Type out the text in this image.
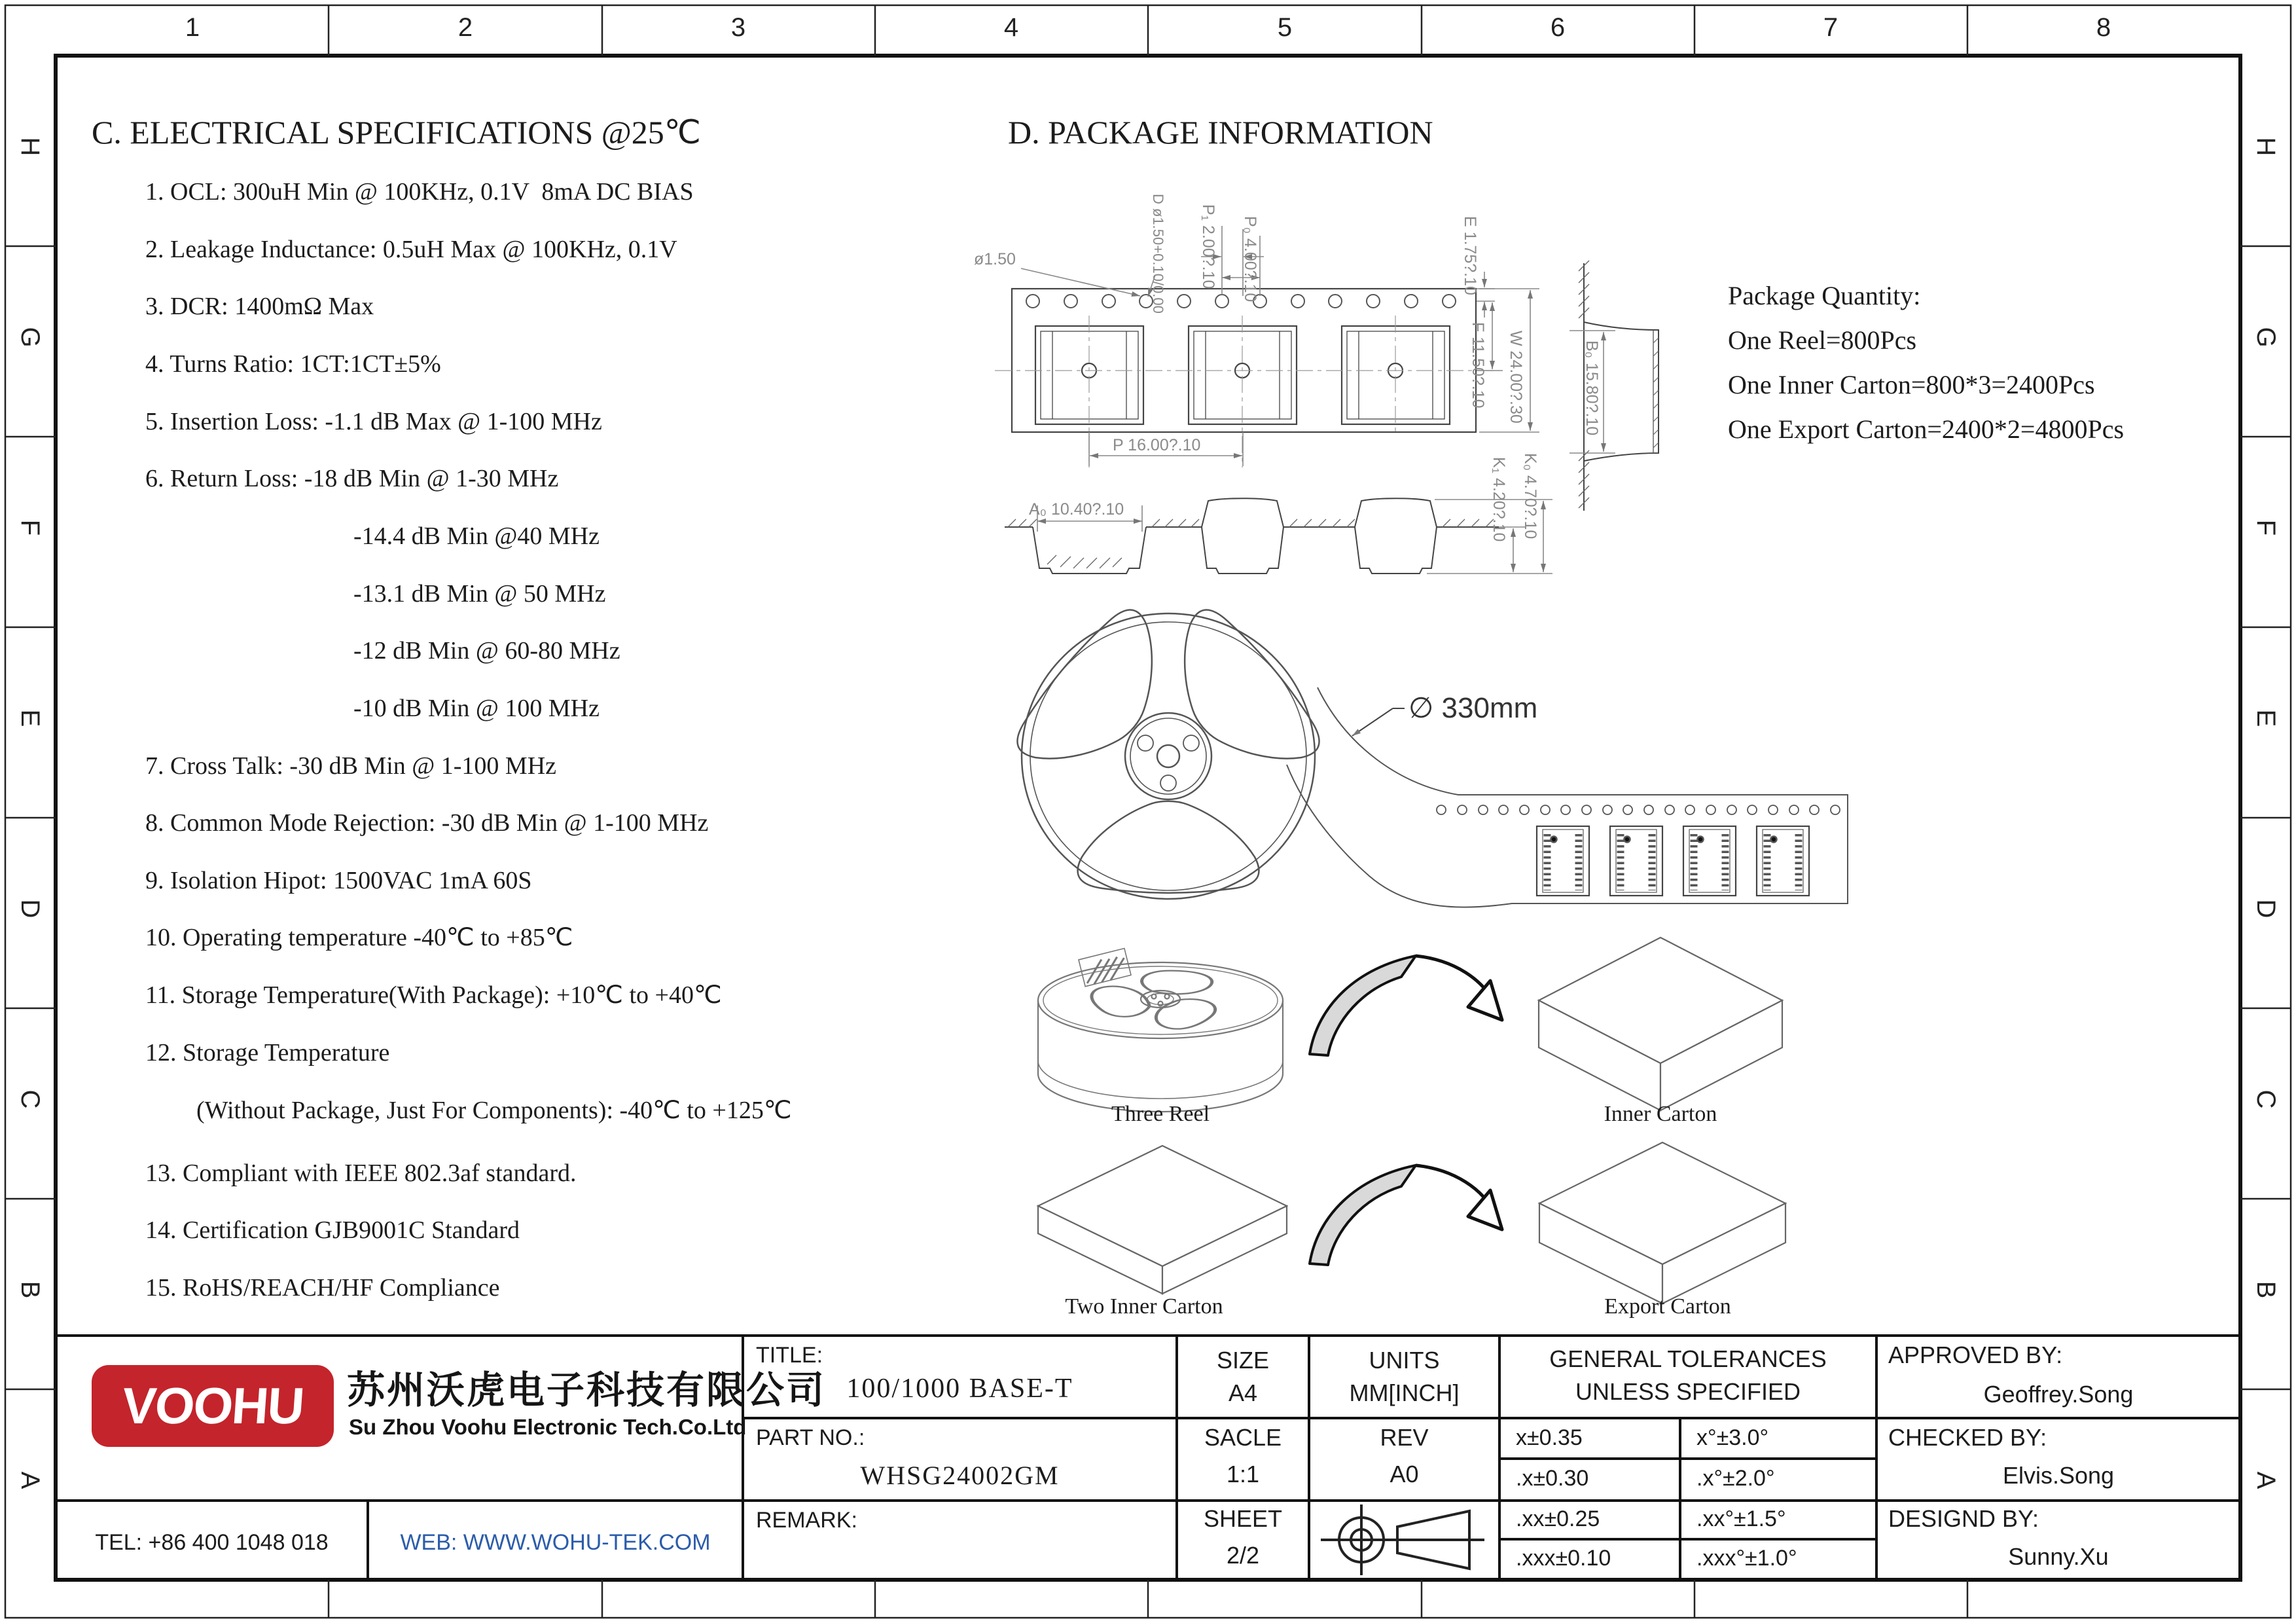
ø1.50	D ø1.50+0.10/0.00 P₁ 2.00?.10 P₀ 4.00?.10	E 1.75?.10
F 11.50?.10 W 24.00?.30	B₀ 15.80?.10
P 16.00?.10
A₀ 10.40?.10	K₁ 4.20?.10 K₀ 4.70?.10
∅ 330mm
Three Reel	Inner Carton
Two Inner Carton	Export Carton
1	2	3	4	5	6	7	8
H
G
F
E
D
C
B
A
H
G
F
E
D
C
B
A
C. ELECTRICAL SPECIFICATIONS @25℃
1. OCL: 300uH Min @ 100KHz, 0.1V  8mA DC BIAS
2. Leakage Inductance: 0.5uH Max @ 100KHz, 0.1V
3. DCR: 1400mΩ Max
4. Turns Ratio: 1CT:1CT±5%
5. Insertion Loss: -1.1 dB Max @ 1-100 MHz
6. Return Loss: -18 dB Min @ 1-30 MHz
-14.4 dB Min @40 MHz
-13.1 dB Min @ 50 MHz
-12 dB Min @ 60-80 MHz
-10 dB Min @ 100 MHz
7. Cross Talk: -30 dB Min @ 1-100 MHz
8. Common Mode Rejection: -30 dB Min @ 1-100 MHz
9. Isolation Hipot: 1500VAC 1mA 60S
10. Operating temperature -40℃ to +85℃
11. Storage Temperature(With Package): +10℃ to +40℃
12. Storage Temperature
(Without Package, Just For Components): -40℃ to +125℃
13. Compliant with IEEE 802.3af standard.
14. Certification GJB9001C Standard
15. RoHS/REACH/HF Compliance
D. PACKAGE INFORMATION
Package Quantity:
One Reel=800Pcs
One Inner Carton=800*3=2400Pcs
One Export Carton=2400*2=4800Pcs
VOOHU 苏州沃虎电子科技有限公司
Su Zhou Voohu Electronic Tech.Co.Ltd
TEL: +86 400 1048 018	WEB: WWW.WOHU-TEK.COM
TITLE:
100/1000 BASE-T
PART NO.:
WHSG24002GM
REMARK:
SIZE
A4
SACLE
1:1
SHEET
2/2
UNITS
MM[INCH]
REV
A0
GENERAL TOLERANCES
UNLESS SPECIFIED
x±0.35	x°±3.0°
.x±0.30	.x°±2.0°
.xx±0.25	.xx°±1.5°
.xxx±0.10	.xxx°±1.0°
APPROVED BY:
Geoffrey.Song
CHECKED BY:
Elvis.Song
DESIGND BY:
Sunny.Xu
